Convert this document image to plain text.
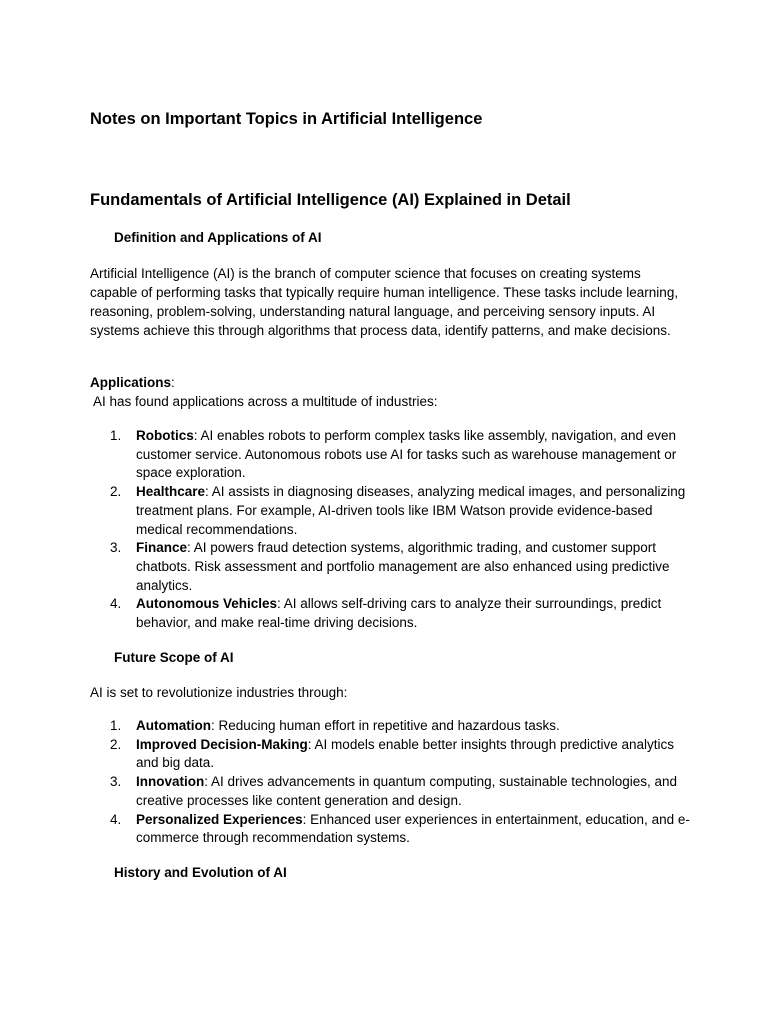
Notes on Important Topics in Artificial Intelligence
Fundamentals of Artificial Intelligence (AI) Explained in Detail
Definition and Applications of AI

Artificial Intelligence (AI) is the branch of computer science that focuses on creating systems capable of performing tasks that typically require human intelligence. These tasks include learning, reasoning, problem-solving, understanding natural language, and perceiving sensory inputs. AI systems achieve this through algorithms that process data, identify patterns, and make decisions.

Applications:
AI has found applications across a multitude of industries:
1. Robotics: AI enables robots to perform complex tasks like assembly, navigation, and even customer service. Autonomous robots use AI for tasks such as warehouse management or space exploration.
2. Healthcare: AI assists in diagnosing diseases, analyzing medical images, and personalizing treatment plans. For example, AI-driven tools like IBM Watson provide evidence-based medical recommendations.
3. Finance: AI powers fraud detection systems, algorithmic trading, and customer support chatbots. Risk assessment and portfolio management are also enhanced using predictive analytics.
4. Autonomous Vehicles: AI allows self-driving cars to analyze their surroundings, predict behavior, and make real-time driving decisions.
Future Scope of AI

AI is set to revolutionize industries through:

1. Automation: Reducing human effort in repetitive and hazardous tasks.
2. Improved Decision-Making: AI models enable better insights through predictive analytics and big data.
3. Innovation: AI drives advancements in quantum computing, sustainable technologies, and creative processes like content generation and design.
4. Personalized Experiences: Enhanced user experiences in entertainment, education, and e-commerce through recommendation systems.
History and Evolution of AI
